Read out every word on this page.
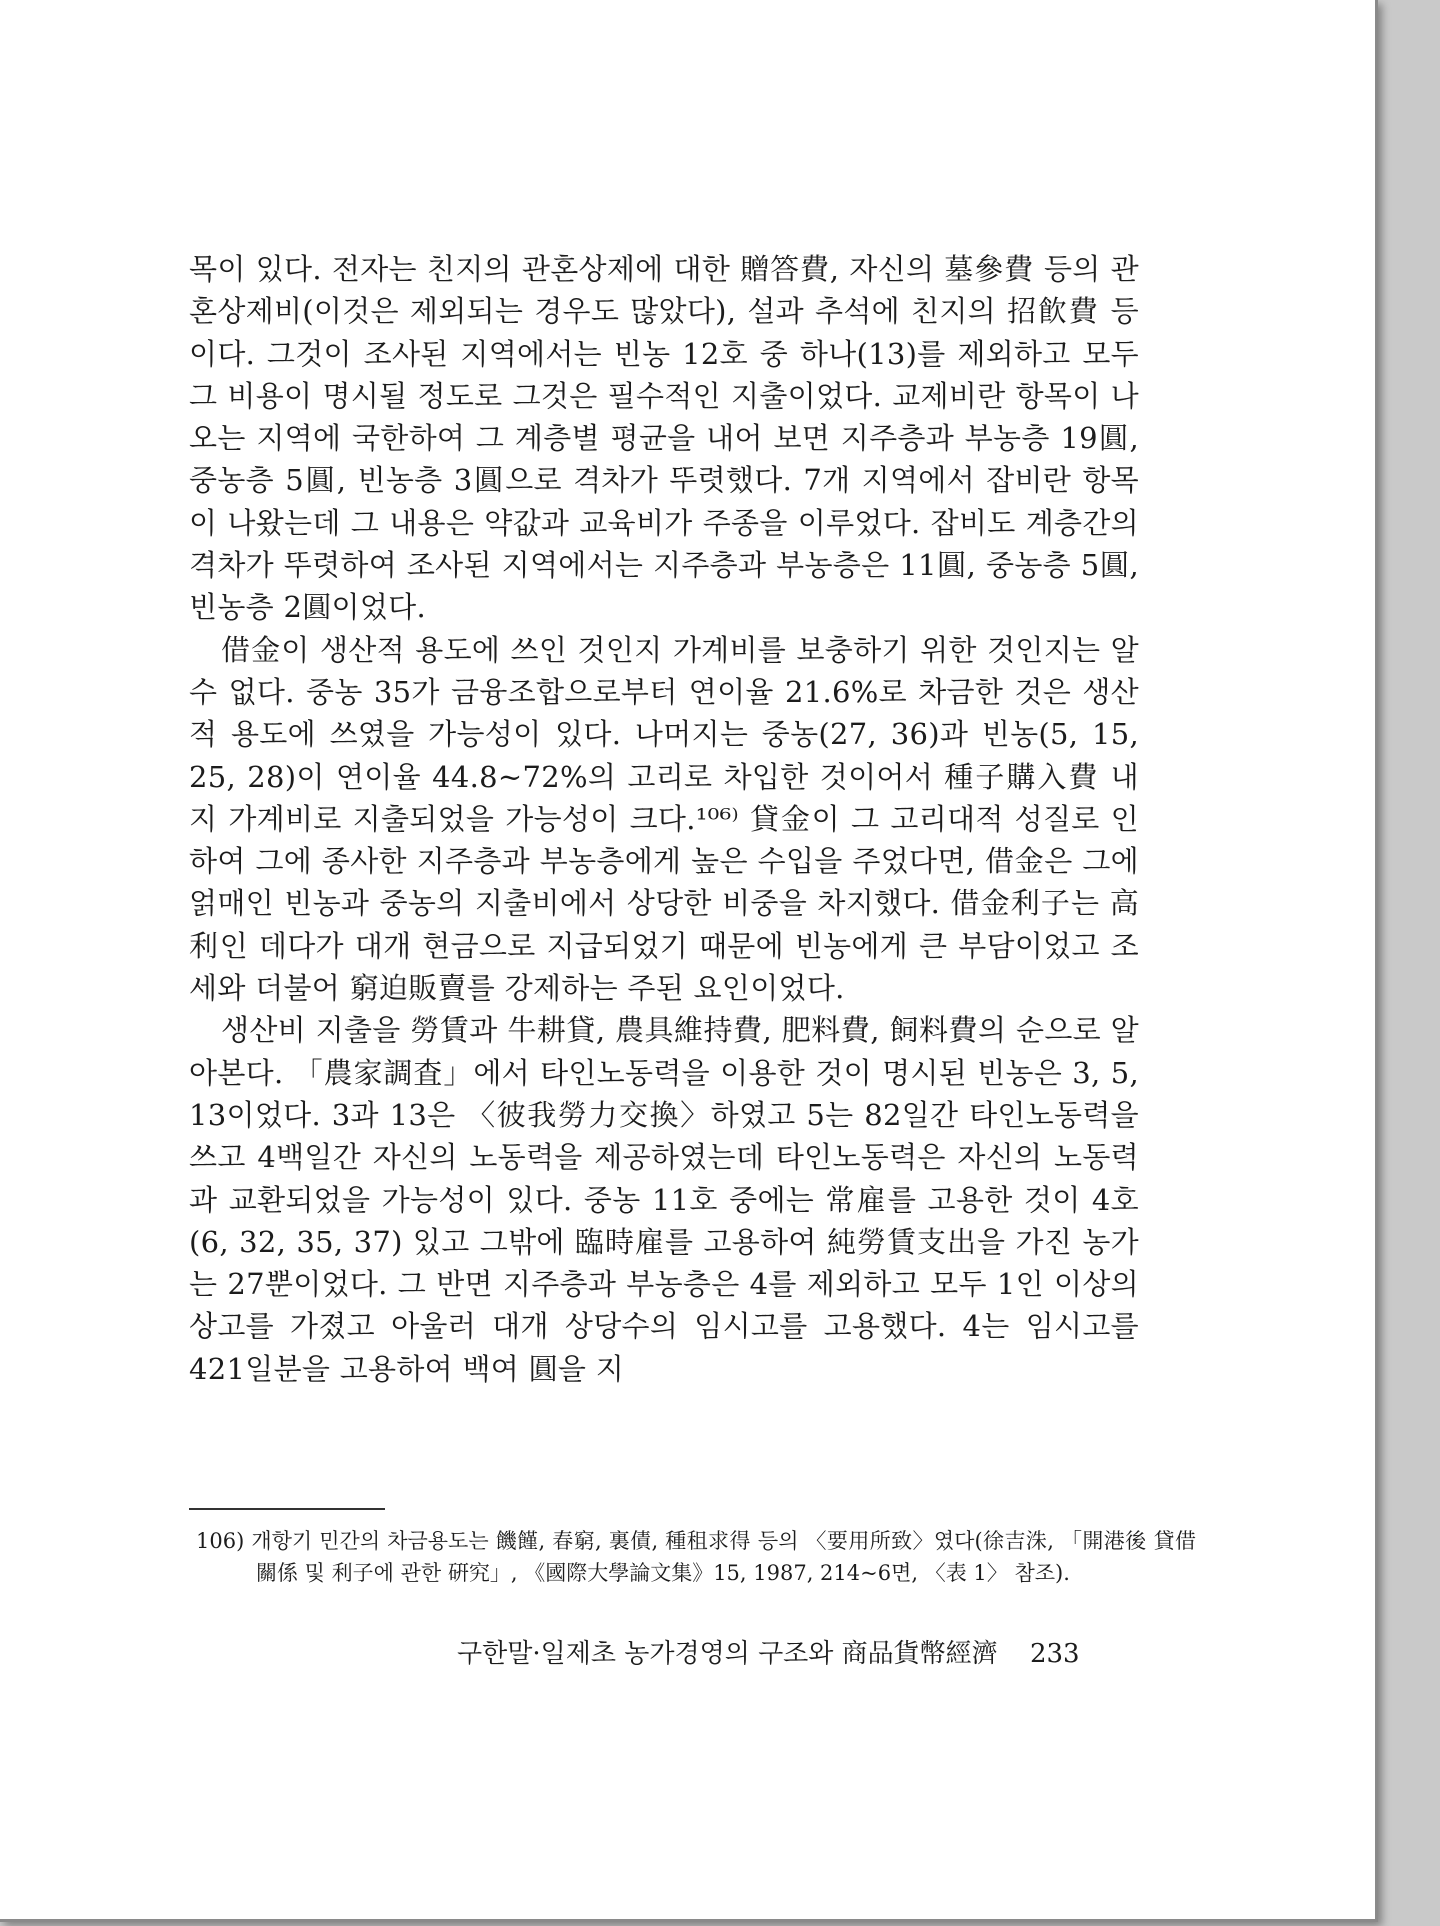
목이 있다. 전자는 친지의 관혼상제에 대한 贈答費, 자신의 墓參費 등의 관혼상제비(이것은 제외되는 경우도 많았다), 설과 추석에 친지의 招飮費 등이다. 그것이 조사된 지역에서는 빈농 12호 중 하나(13)를 제외하고 모두 그 비용이 명시될 정도로 그것은 필수적인 지출이었다. 교제비란 항목이 나오는 지역에 국한하여 그 계층별 평균을 내어 보면 지주층과 부농층 19圓, 중농층 5圓, 빈농층 3圓으로 격차가 뚜렷했다. 7개 지역에서 잡비란 항목이 나왔는데 그 내용은 약값과 교육비가 주종을 이루었다. 잡비도 계층간의 격차가 뚜렷하여 조사된 지역에서는 지주층과 부농층은 11圓, 중농층 5圓, 빈농층 2圓이었다.

借金이 생산적 용도에 쓰인 것인지 가계비를 보충하기 위한 것인지는 알 수 없다. 중농 35가 금융조합으로부터 연이율 21.6%로 차금한 것은 생산적 용도에 쓰였을 가능성이 있다. 나머지는 중농(27, 36)과 빈농(5, 15, 25, 28)이 연이율 44.8~72%의 고리로 차입한 것이어서 種子購入費 내지 가계비로 지출되었을 가능성이 크다.¹⁰⁶⁾ 貸金이 그 고리대적 성질로 인하여 그에 종사한 지주층과 부농층에게 높은 수입을 주었다면, 借金은 그에 얽매인 빈농과 중농의 지출비에서 상당한 비중을 차지했다. 借金利子는 高利인 데다가 대개 현금으로 지급되었기 때문에 빈농에게 큰 부담이었고 조세와 더불어 窮迫販賣를 강제하는 주된 요인이었다.

생산비 지출을 勞賃과 牛耕貸, 農具維持費, 肥料費, 飼料費의 순으로 알아본다. 「農家調査」에서 타인노동력을 이용한 것이 명시된 빈농은 3, 5, 13이었다. 3과 13은 〈彼我勞力交換〉하였고 5는 82일간 타인노동력을 쓰고 4백일간 자신의 노동력을 제공하였는데 타인노동력은 자신의 노동력과 교환되었을 가능성이 있다. 중농 11호 중에는 常雇를 고용한 것이 4호(6, 32, 35, 37) 있고 그밖에 臨時雇를 고용하여 純勞賃支出을 가진 농가는 27뿐이었다. 그 반면 지주층과 부농층은 4를 제외하고 모두 1인 이상의 상고를 가졌고 아울러 대개 상당수의 임시고를 고용했다. 4는 임시고를 421일분을 고용하여 백여 圓을 지

106) 개항기 민간의 차금용도는 饑饉, 春窮, 裏債, 種租求得 등의 〈要用所致〉였다(徐吉洙, 「開港後 貸借關係 및 利子에 관한 硏究」, 《國際大學論文集》15, 1987, 214~6면, 〈表 1〉 참조).

구한말·일제초 농가경영의 구조와 商品貨幣經濟 233
